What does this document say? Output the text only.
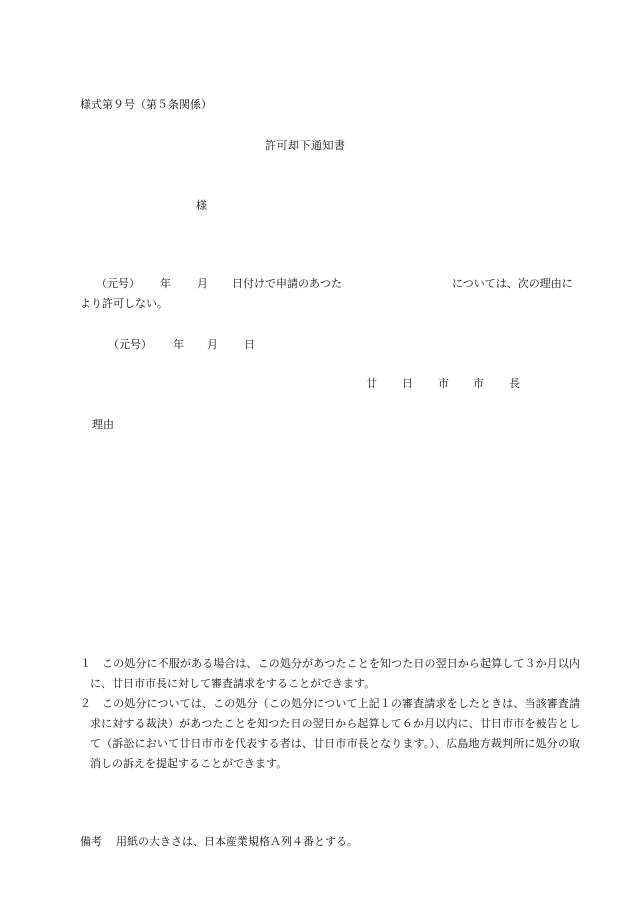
様式第９号（第５条関係）
許可却下通知書
様
（元号） 年 月 日付けで申請のあつた	については、次の理由に
より許可しない。
（元号） 年 月 日
廿 日 市 市 長
理由
１	この処分に不服がある場合は、この処分があつたことを知つた日の翌日から起算して３か月以内に、廿日市市長に対して審査請求をすることができます。
２	この処分については、この処分（この処分について上記１の審査請求をしたときは、当該審査請求に対する裁決）があつたことを知つた日の翌日から起算して６か月以内に、廿日市市を被告として（訴訟において廿日市市を代表する者は、廿日市市長となります。）、広島地方裁判所に処分の取消しの訴えを提起することができます。
備考 用紙の大きさは、日本産業規格Ａ列４番とする。
